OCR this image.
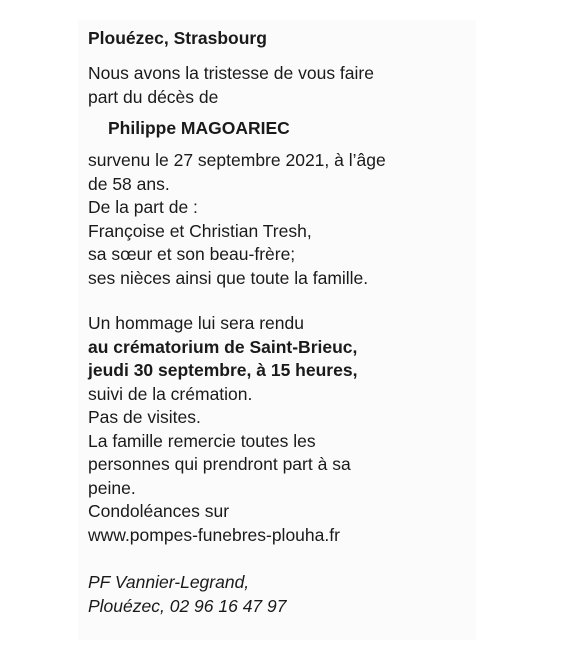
Plouézec, Strasbourg
Nous avons la tristesse de vous faire
part du décès de
Philippe MAGOARIEC
survenu le 27 septembre 2021, à l’âge
de 58 ans.
De la part de :
Françoise et Christian Tresh,
sa sœur et son beau-frère;
ses nièces ainsi que toute la famille.
Un hommage lui sera rendu
au crématorium de Saint-Brieuc,
jeudi 30 septembre, à 15 heures,
suivi de la crémation.
Pas de visites.
La famille remercie toutes les
personnes qui prendront part à sa
peine.
Condoléances sur
www.pompes-funebres-plouha.fr
PF Vannier-Legrand,
Plouézec, 02 96 16 47 97
